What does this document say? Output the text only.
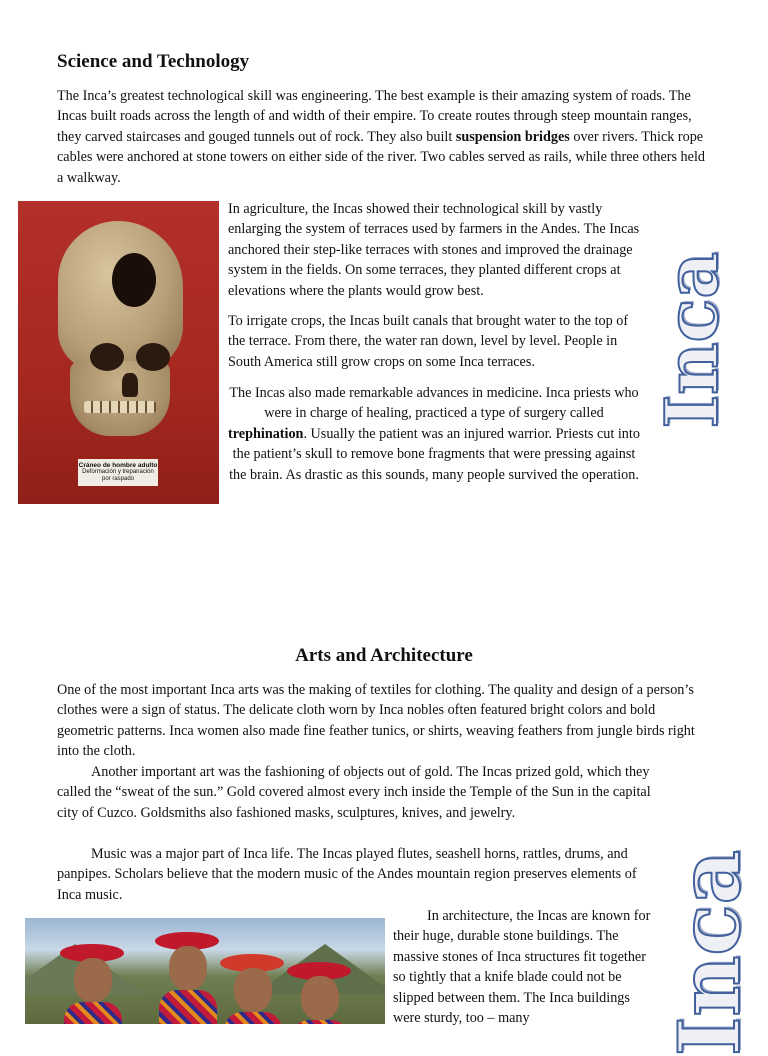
Science and Technology

The Inca’s greatest technological skill was engineering. The best example is their amazing system of roads. The Incas built roads across the length of and width of their empire. To create routes through steep mountain ranges, they carved staircases and gouged tunnels out of rock. They also built suspension bridges over rivers. Thick rope cables were anchored at stone towers on either side of the river. Two cables served as rails, while three others held a walkway.

Cráneo de hombre adulto
Deformación y trepanación por raspado

In agriculture, the Incas showed their technological skill by vastly enlarging the system of terraces used by farmers in the Andes. The Incas anchored their step-like terraces with stones and improved the drainage system in the fields. On some terraces, they planted different crops at elevations where the plants would grow best.

To irrigate crops, the Incas built canals that brought water to the top of the terrace. From there, the water ran down, level by level. People in South America still grow crops on some Inca terraces.

The Incas also made remarkable advances in medicine. Inca priests who were in charge of healing, practiced a type of surgery called trephination. Usually the patient was an injured warrior. Priests cut into the patient’s skull to remove bone fragments that were pressing against the brain. As drastic as this sounds, many people survived the operation.

Inca
Arts and Architecture

One of the most important Inca arts was the making of textiles for clothing. The quality and design of a person’s clothes were a sign of status. The delicate cloth worn by Inca nobles often featured bright colors and bold geometric patterns. Inca women also made fine feather tunics, or shirts, weaving feathers from jungle birds right into the cloth.

Another important art was the fashioning of objects out of gold. The Incas prized gold, which they called the “sweat of the sun.” Gold covered almost every inch inside the Temple of the Sun in the capital city of Cuzco. Goldsmiths also fashioned masks, sculptures, knives, and jewelry.

Music was a major part of Inca life. The Incas played flutes, seashell horns, rattles, drums, and panpipes. Scholars believe that the modern music of the Andes mountain region preserves elements of Inca music.

In architecture, the Incas are known for their huge, durable stone buildings. The massive stones of Inca structures fit together so tightly that a knife blade could not be slipped between them. The Inca buildings were sturdy, too – many	Inca
